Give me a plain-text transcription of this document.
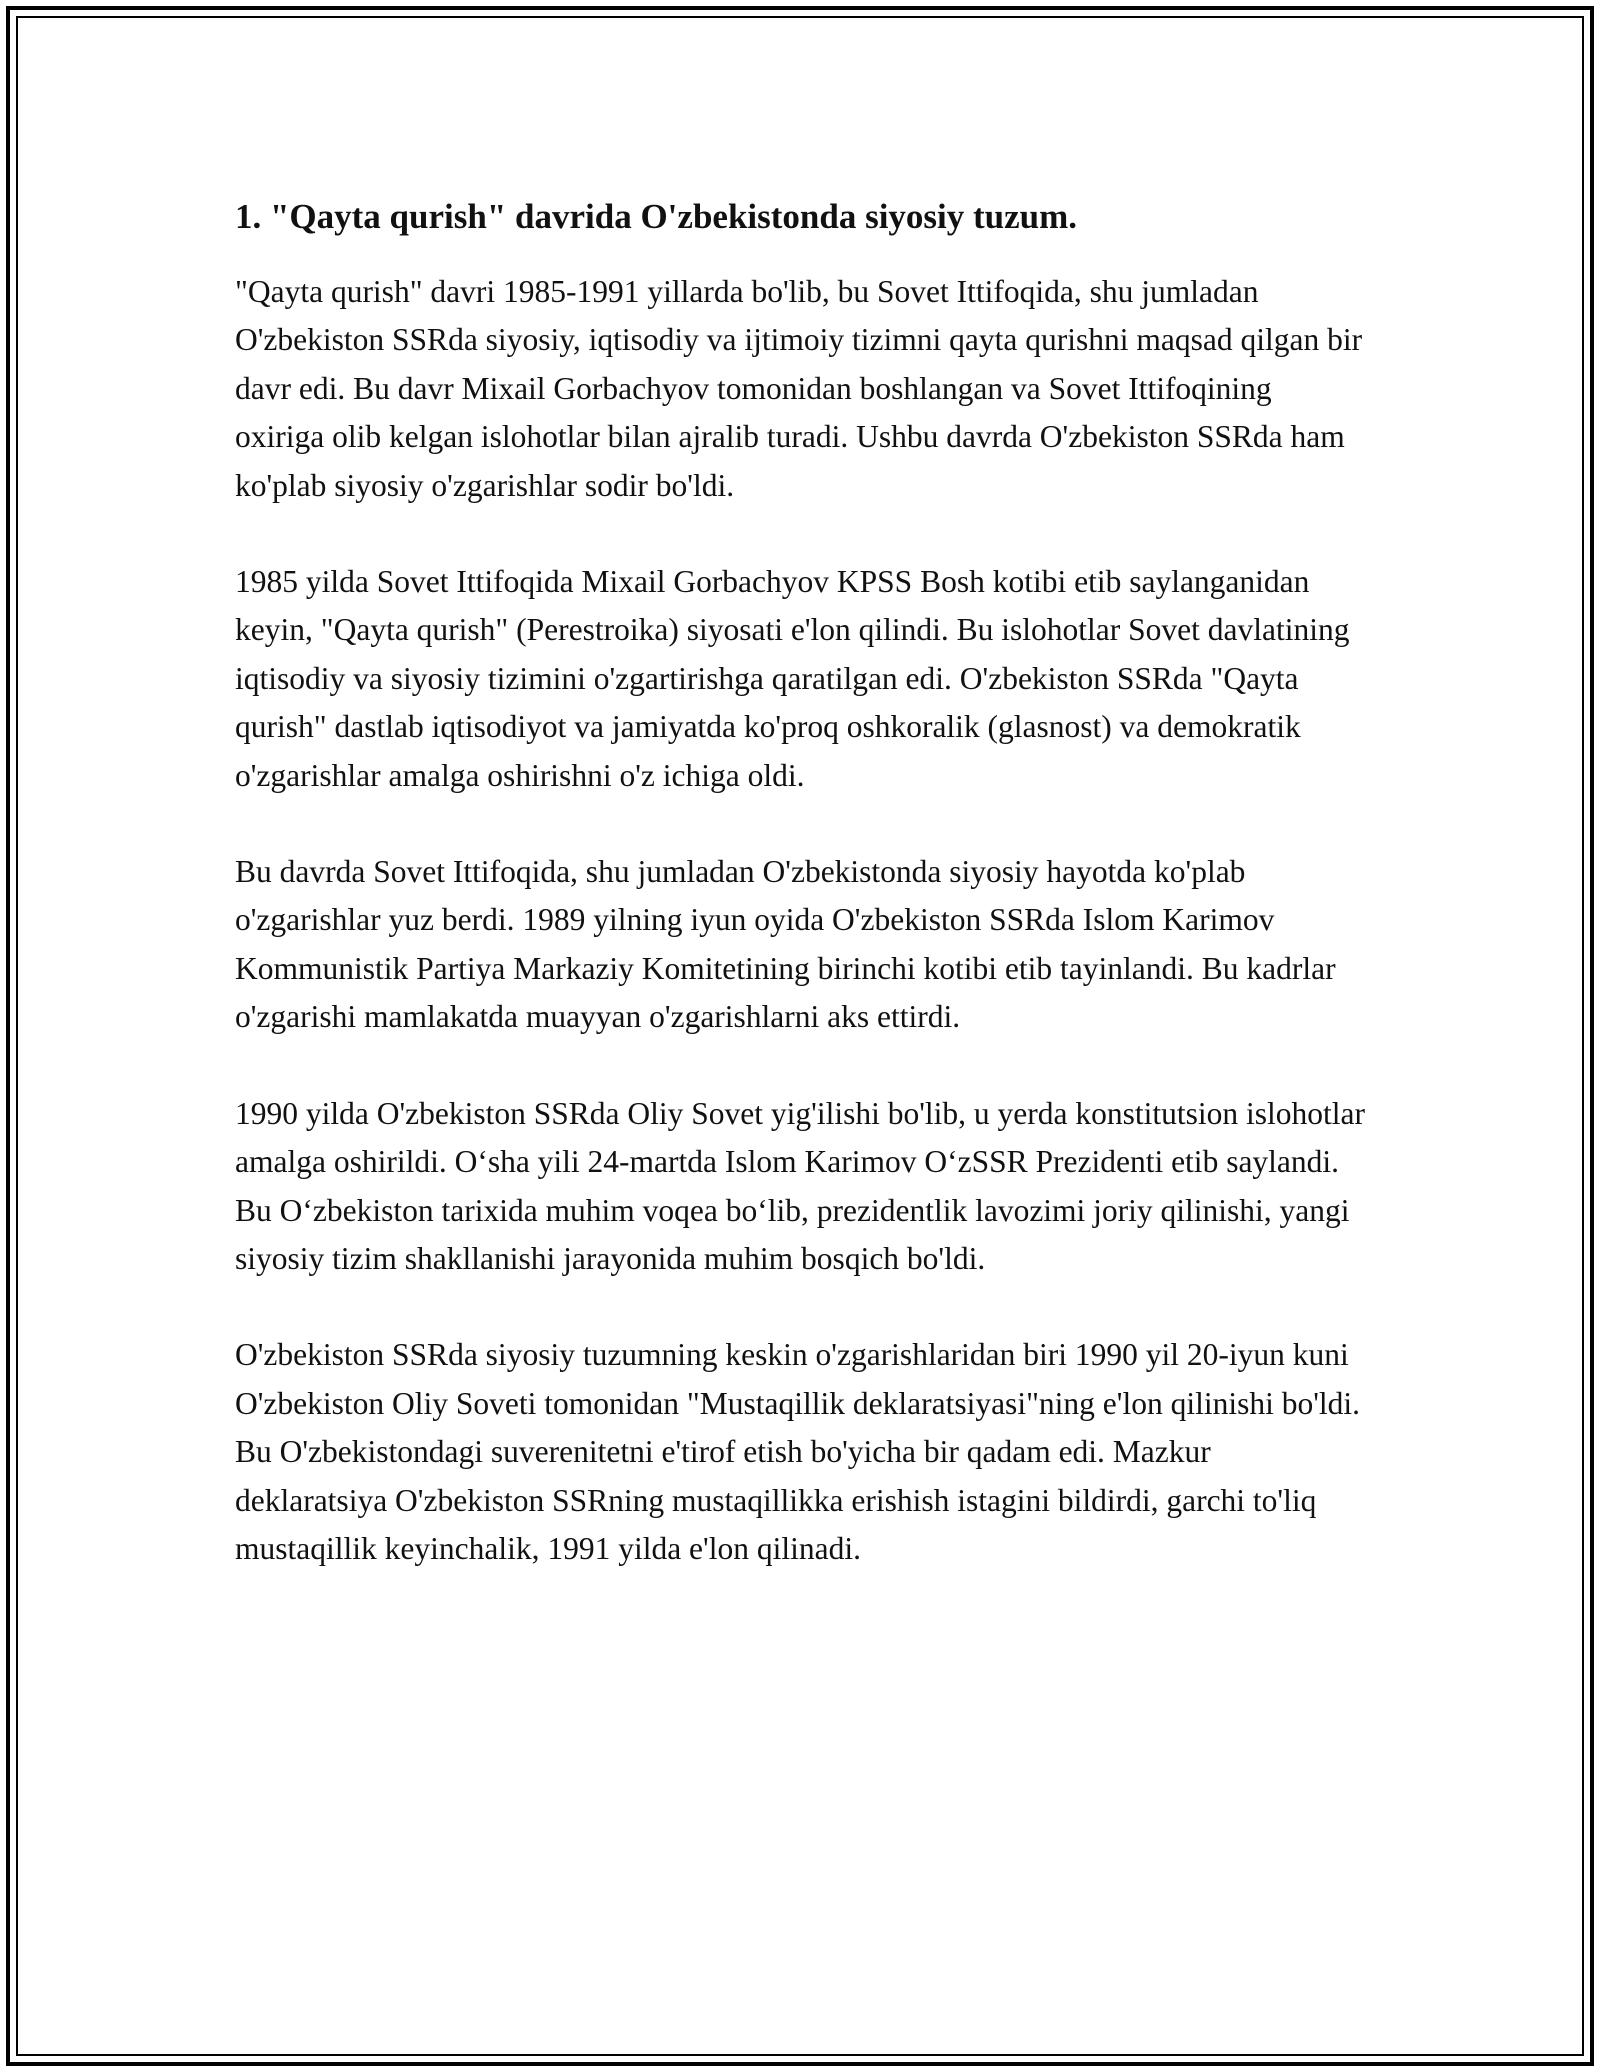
1. "Qayta qurish" davrida O'zbekistonda siyosiy tuzum.

"Qayta qurish" davri 1985-1991 yillarda bo'lib, bu Sovet Ittifoqida, shu jumladan O'zbekiston SSRda siyosiy, iqtisodiy va ijtimoiy tizimni qayta qurishni maqsad qilgan bir davr edi. Bu davr Mixail Gorbachyov tomonidan boshlangan va Sovet Ittifoqining oxiriga olib kelgan islohotlar bilan ajralib turadi. Ushbu davrda O'zbekiston SSRda ham ko'plab siyosiy o'zgarishlar sodir bo'ldi.

1985 yilda Sovet Ittifoqida Mixail Gorbachyov KPSS Bosh kotibi etib saylanganidan keyin, "Qayta qurish" (Perestroika) siyosati e'lon qilindi. Bu islohotlar Sovet davlatining iqtisodiy va siyosiy tizimini o'zgartirishga qaratilgan edi. O'zbekiston SSRda "Qayta qurish" dastlab iqtisodiyot va jamiyatda ko'proq oshkoralik (glasnost) va demokratik o'zgarishlar amalga oshirishni o'z ichiga oldi.

Bu davrda Sovet Ittifoqida, shu jumladan O'zbekistonda siyosiy hayotda ko'plab o'zgarishlar yuz berdi. 1989 yilning iyun oyida O'zbekiston SSRda Islom Karimov Kommunistik Partiya Markaziy Komitetining birinchi kotibi etib tayinlandi. Bu kadrlar o'zgarishi mamlakatda muayyan o'zgarishlarni aks ettirdi.

1990 yilda O'zbekiston SSRda Oliy Sovet yig'ilishi bo'lib, u yerda konstitutsion islohotlar amalga oshirildi. O‘sha yili 24-martda Islom Karimov O‘zSSR Prezidenti etib saylandi. Bu O‘zbekiston tarixida muhim voqea bo‘lib, prezidentlik lavozimi joriy qilinishi, yangi siyosiy tizim shakllanishi jarayonida muhim bosqich bo'ldi.

O'zbekiston SSRda siyosiy tuzumning keskin o'zgarishlaridan biri 1990 yil 20-iyun kuni O'zbekiston Oliy Soveti tomonidan "Mustaqillik deklaratsiyasi"ning e'lon qilinishi bo'ldi. Bu O'zbekistondagi suverenitetni e'tirof etish bo'yicha bir qadam edi. Mazkur deklaratsiya O'zbekiston SSRning mustaqillikka erishish istagini bildirdi, garchi to'liq mustaqillik keyinchalik, 1991 yilda e'lon qilinadi.
